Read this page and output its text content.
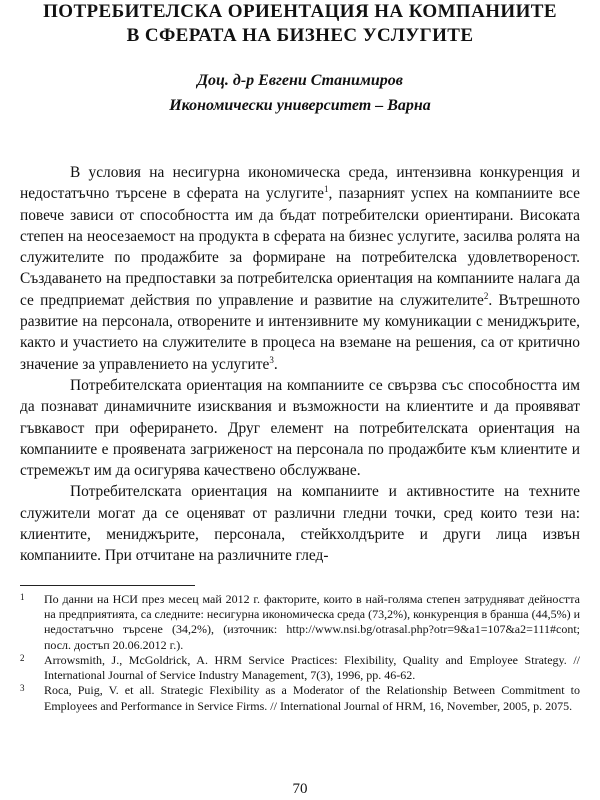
ПОТРЕБИТЕЛСКА ОРИЕНТАЦИЯ НА КОМПАНИИТЕ
В СФЕРАТА НА БИЗНЕС УСЛУГИТЕ
Доц. д-р Евгени Станимиров
Икономически университет – Варна

В условия на несигурна икономическа среда, интензивна конкуренция и недостатъчно търсене в сферата на услугите$^1$, пазарният успех на компаниите все повече зависи от способността им да бъдат потребителски ориентирани. Високата степен на неосезаемост на продукта в сферата на бизнес услугите, засилва ролята на служителите по продажбите за формиране на потребителска удовлетвореност. Създаването на предпоставки за потребителска ориентация на компаниите налага да се предприемат действия по управление и развитие на служителите$^2$. Вътрешното развитие на персонала, отворените и интензивните му комуникации с мениджърите, както и участието на служителите в процеса на вземане на решения, са от критично значение за управлението на услугите$^3$.

Потребителската ориентация на компаниите се свързва със способността им да познават динамичните изисквания и възможности на клиентите и да проявяват гъвкавост при оферирането. Друг елемент на потребителската ориентация на компаниите е проявената загриженост на персонала по продажбите към клиентите и стремежът им да осигурява качествено обслужване.

Потребителската ориентация на компаниите и активностите на техните служители могат да се оценяват от различни гледни точки, сред които тези на: клиентите, мениджърите, персонала, стейкхолдърите и други лица извън компаниите. При отчитане на различните глед-

1	По данни на НСИ през месец май 2012 г. факторите, които в най-голяма степен затрудняват дейността на предприятията, са следните: несигурна икономическа среда (73,2%), конкуренция в бранша (44,5%) и недостатъчно търсене (34,2%), (източник: http://www.nsi.bg/otrasal.php?otr=9&a1=107&a2=111#cont; посл. достъп 20.06.2012 г.).
2	Arrowsmith, J., McGoldrick, A. HRM Service Practices: Flexibility, Quality and Employee Strategy. // International Journal of Service Industry Management, 7(3), 1996, pp. 46-62.
3	Roca, Puig, V. et all. Strategic Flexibility as a Moderator of the Relationship Between Commitment to Employees and Performance in Service Firms. // International Journal of HRM, 16, November, 2005, p. 2075.
70
